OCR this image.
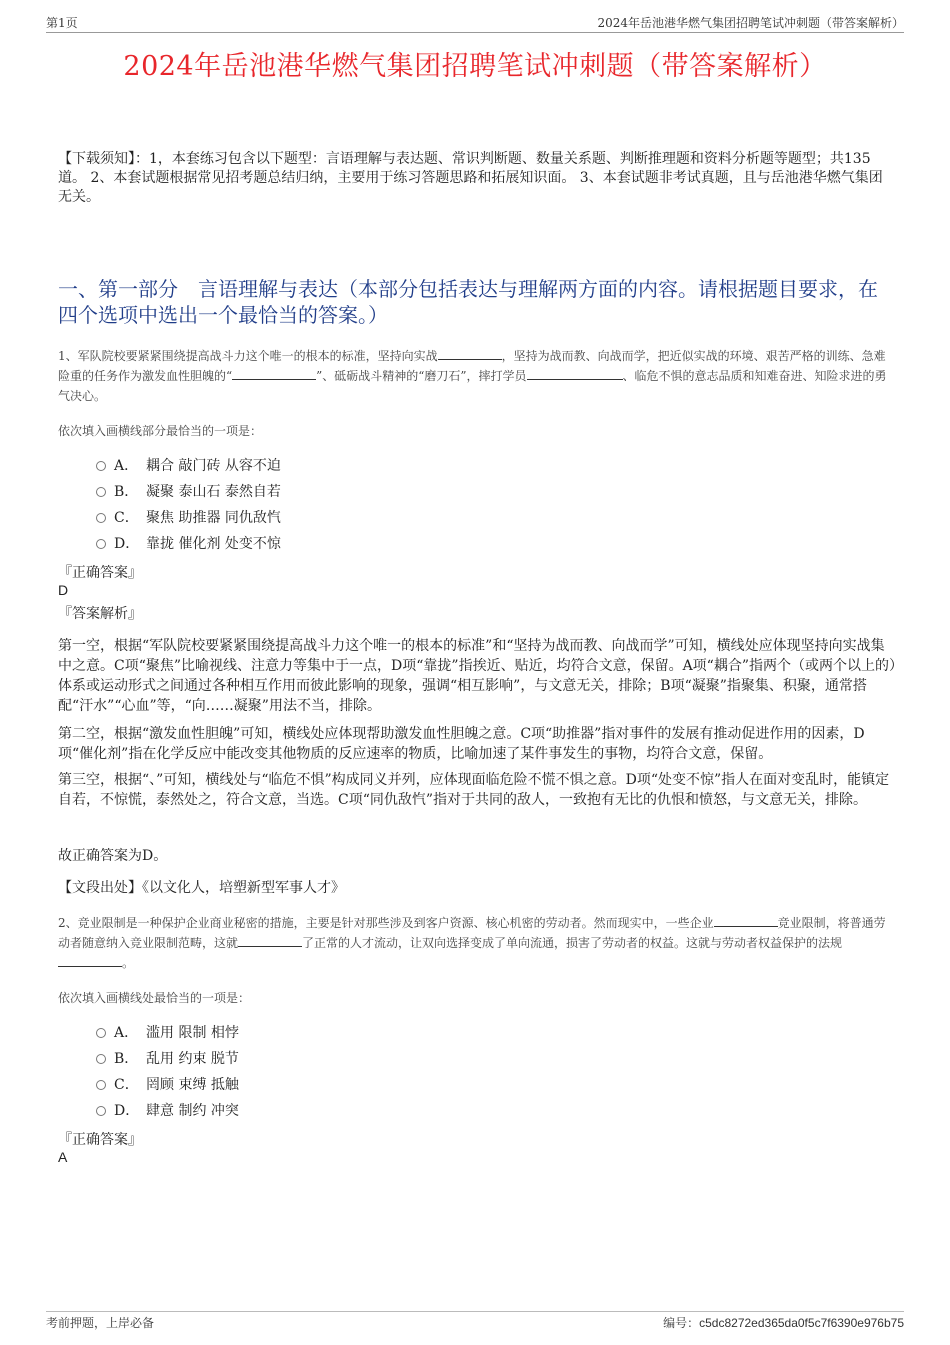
第1页	2024年岳池港华燃气集团招聘笔试冲刺题（带答案解析）
2024年岳池港华燃气集团招聘笔试冲刺题（带答案解析）
【下载须知】：1，本套练习包含以下题型：言语理解与表达题、常识判断题、数量关系题、判断推理题和资料分析题等题型；共135道。 2、本套试题根据常见招考题总结归纳，主要用于练习答题思路和拓展知识面。 3、本套试题非考试真题，且与岳池港华燃气集团无关。
一、第一部分　言语理解与表达（本部分包括表达与理解两方面的内容。请根据题目要求，在四个选项中选出一个最恰当的答案。）
1、军队院校要紧紧围绕提高战斗力这个唯一的根本的标准，坚持向实战	，坚持为战而教、向战而学，把近似实战的环境、艰苦严格的训练、急难险重的任务作为激发血性胆魄的“	”、砥砺战斗精神的“磨刀石”，摔打学员	、临危不惧的意志品质和知难奋进、知险求进的勇气决心。
依次填入画横线部分最恰当的一项是：
A． 耦合 敲门砖 从容不迫
B． 凝聚 泰山石 泰然自若
C． 聚焦 助推器 同仇敌忾
D． 靠拢 催化剂 处变不惊
『正确答案』
D
『答案解析』
第一空，根据“军队院校要紧紧围绕提高战斗力这个唯一的根本的标准”和“坚持为战而教、向战而学”可知，横线处应体现坚持向实战集中之意。C项“聚焦”比喻视线、注意力等集中于一点，D项“靠拢”指挨近、贴近，均符合文意，保留。A项“耦合”指两个（或两个以上的）体系或运动形式之间通过各种相互作用而彼此影响的现象，强调“相互影响”，与文意无关，排除；B项“凝聚”指聚集、积聚，通常搭配“汗水”“心血”等，“向……凝聚”用法不当，排除。
第二空，根据“激发血性胆魄”可知，横线处应体现帮助激发血性胆魄之意。C项“助推器”指对事件的发展有推动促进作用的因素，D项“催化剂”指在化学反应中能改变其他物质的反应速率的物质，比喻加速了某件事发生的事物，均符合文意，保留。
第三空，根据“、”可知，横线处与“临危不惧”构成同义并列，应体现面临危险不慌不惧之意。D项“处变不惊”指人在面对变乱时，能镇定自若，不惊慌，泰然处之，符合文意，当选。C项“同仇敌忾”指对于共同的敌人，一致抱有无比的仇恨和愤怒，与文意无关，排除。
故正确答案为D。
【文段出处】《以文化人，培塑新型军事人才》
2、竞业限制是一种保护企业商业秘密的措施，主要是针对那些涉及到客户资源、核心机密的劳动者。然而现实中，一些企业	竞业限制，将普通劳动者随意纳入竞业限制范畴，这就	了正常的人才流动，让双向选择变成了单向流通，损害了劳动者的权益。这就与劳动者权益保护的法规。
依次填入画横线处最恰当的一项是：
A． 滥用 限制 相悖
B． 乱用 约束 脱节
C． 罔顾 束缚 抵触
D． 肆意 制约 冲突
『正确答案』
A
考前押题，上岸必备	编号：c5dc8272ed365da0f5c7f6390e976b75
